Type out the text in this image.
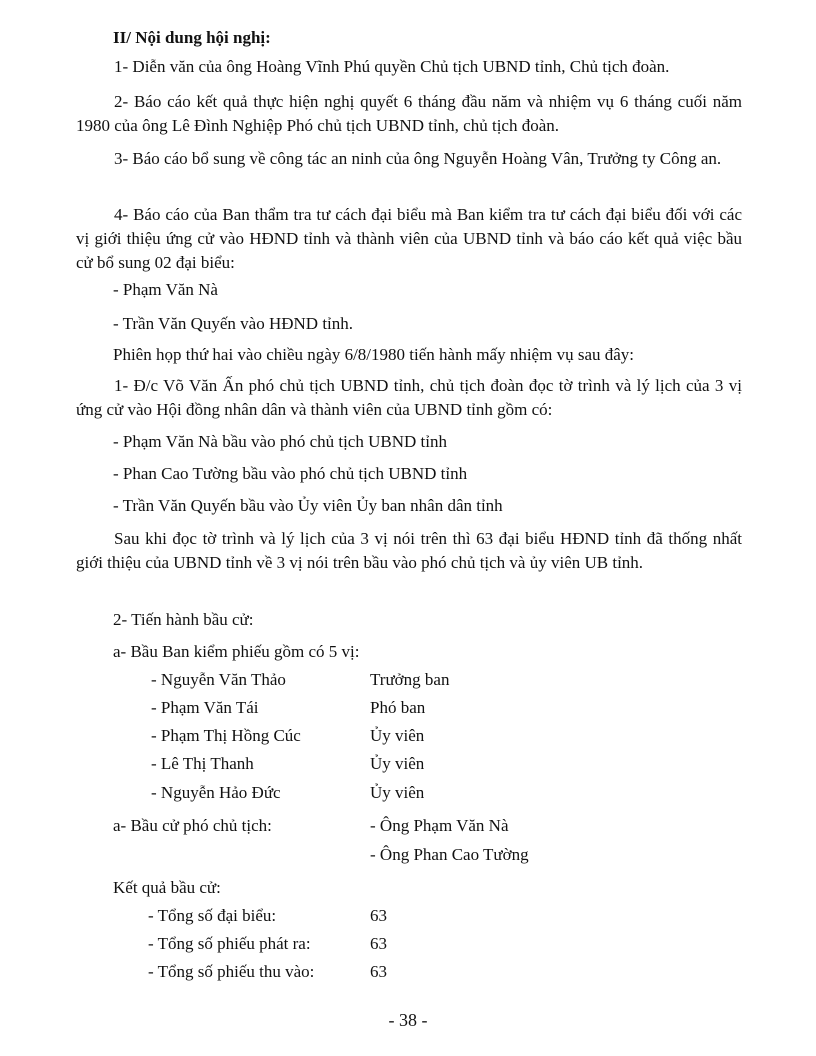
II/ Nội dung hội nghị:
1- Diễn văn của ông Hoàng Vĩnh Phú quyền Chủ tịch UBND tỉnh, Chủ tịch đoàn.
2- Báo cáo kết quả thực hiện nghị quyết 6 tháng đầu năm và nhiệm vụ 6 tháng cuối năm 1980 của ông Lê Đình Nghiệp Phó chủ tịch UBND tỉnh, chủ tịch đoàn.
3- Báo cáo bổ sung về công tác an ninh của ông Nguyễn Hoàng Vân, Trưởng ty Công an.
4- Báo cáo của Ban thẩm tra tư cách đại biểu mà Ban kiểm tra tư cách đại biểu đối với các vị giới thiệu ứng cử vào HĐND tỉnh và thành viên của UBND tỉnh và báo cáo kết quả việc bầu cử bổ sung 02 đại biểu:
- Phạm Văn Nà
- Trần Văn Quyến vào HĐND tỉnh.
Phiên họp thứ hai vào chiều ngày 6/8/1980 tiến hành mấy nhiệm vụ sau đây:
1- Đ/c Võ Văn Ấn phó chủ tịch UBND tỉnh, chủ tịch đoàn đọc tờ trình và lý lịch của 3 vị ứng cử vào Hội đồng nhân dân và thành viên của UBND tỉnh gồm có:
- Phạm Văn Nà bầu vào phó chủ tịch UBND tỉnh
- Phan Cao Tường bầu vào phó chủ tịch UBND tỉnh
- Trần Văn Quyến bầu vào Ủy viên Ủy ban nhân dân tỉnh
Sau khi đọc tờ trình và lý lịch của 3 vị nói trên thì 63 đại biểu HĐND tỉnh đã thống nhất giới thiệu của UBND tỉnh về 3 vị nói trên bầu vào phó chủ tịch và ủy viên UB tỉnh.
2- Tiến hành bầu cử:
a- Bầu Ban kiểm phiếu gồm có 5 vị:
- Nguyễn Văn Thảo	Trưởng ban
- Phạm Văn Tái	Phó ban
- Phạm Thị Hồng Cúc	Ủy viên
- Lê Thị Thanh	Ủy viên
- Nguyễn Hảo Đức	Ủy viên
a- Bầu cử phó chủ tịch:	- Ông Phạm Văn Nà
- Ông Phan Cao Tường
Kết quả bầu cử:
- Tổng số đại biểu:	63
- Tổng số phiếu phát ra:	63
- Tổng số phiếu thu vào:	63
- 38 -
